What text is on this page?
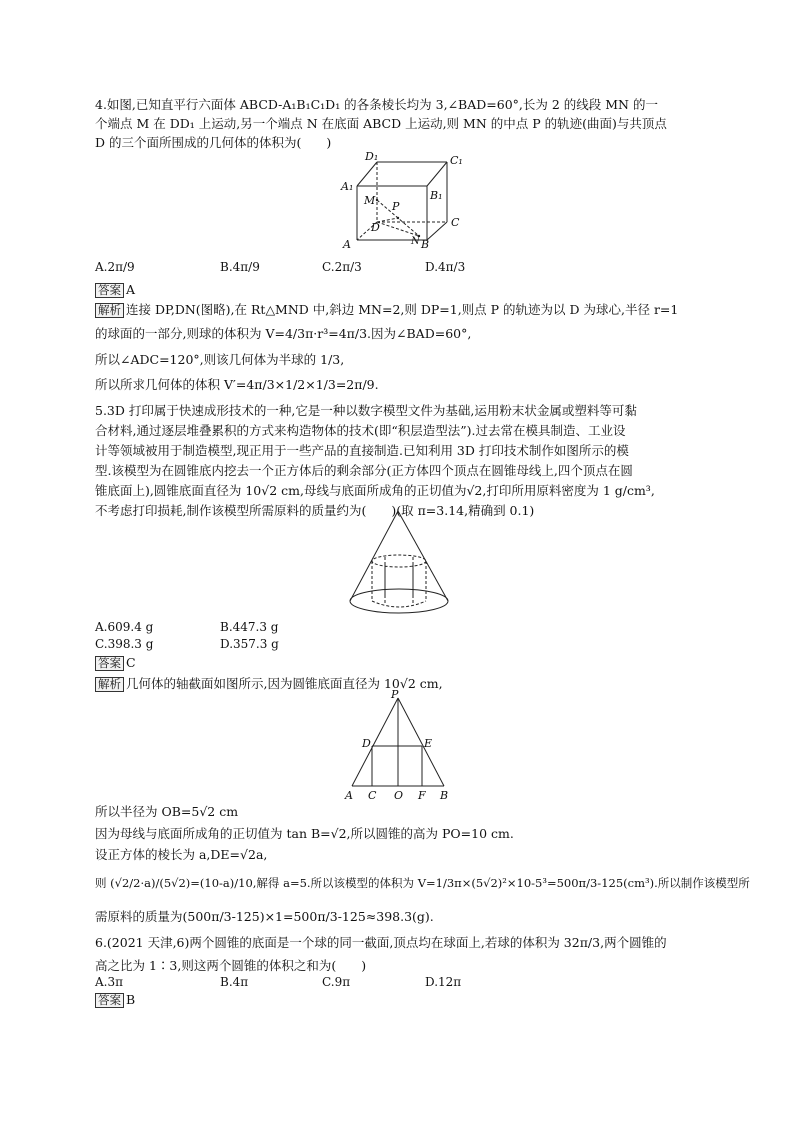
4.如图,已知直平行六面体 ABCD-A₁B₁C₁D₁ 的各条棱长均为 3,∠BAD=60°,长为 2 的线段 MN 的一
个端点 M 在 DD₁ 上运动,另一个端点 N 在底面 ABCD 上运动,则 MN 的中点 P 的轨迹(曲面)与共顶点
D 的三个面所围成的几何体的体积为(　　)
D₁	C₁
A₁
B₁
M P
D	C
A	B
N
A.2π/9	B.4π/9	C.2π/3	D.4π/3
答案 A
解析 连接 DP,DN(图略),在 Rt△MND 中,斜边 MN=2,则 DP=1,则点 P 的轨迹为以 D 为球心,半径 r=1
的球面的一部分,则球的体积为 V=4/3π·r³=4π/3.因为∠BAD=60°,
所以∠ADC=120°,则该几何体为半球的 1/3,
所以所求几何体的体积 V′=4π/3×1/2×1/3=2π/9.
5.3D 打印属于快速成形技术的一种,它是一种以数字模型文件为基础,运用粉末状金属或塑料等可黏
合材料,通过逐层堆叠累积的方式来构造物体的技术(即“积层造型法”).过去常在模具制造、工业设
计等领域被用于制造模型,现正用于一些产品的直接制造.已知利用 3D 打印技术制作如图所示的模
型.该模型为在圆锥底内挖去一个正方体后的剩余部分(正方体四个顶点在圆锥母线上,四个顶点在圆
锥底面上),圆锥底面直径为 10√2 cm,母线与底面所成角的正切值为√2,打印所用原料密度为 1 g/cm³,
不考虑打印损耗,制作该模型所需原料的质量约为(　　)(取 π=3.14,精确到 0.1)
A.609.4 g	B.447.3 g
C.398.3 g	D.357.3 g
答案 C
解析 几何体的轴截面如图所示,因为圆锥底面直径为 10√2 cm,
P
D	E
A C O F B
所以半径为 OB=5√2 cm
因为母线与底面所成角的正切值为 tan B=√2,所以圆锥的高为 PO=10 cm.
设正方体的棱长为 a,DE=√2a,
则 (√2/2·a)/(5√2)=(10-a)/10,解得 a=5.所以该模型的体积为 V=1/3π×(5√2)²×10-5³=500π/3-125(cm³).所以制作该模型所
需原料的质量为(500π/3-125)×1=500π/3-125≈398.3(g).
6.(2021 天津,6)两个圆锥的底面是一个球的同一截面,顶点均在球面上,若球的体积为 32π/3,两个圆锥的
高之比为 1∶3,则这两个圆锥的体积之和为(　　)
A.3π	B.4π	C.9π	D.12π
答案 B
